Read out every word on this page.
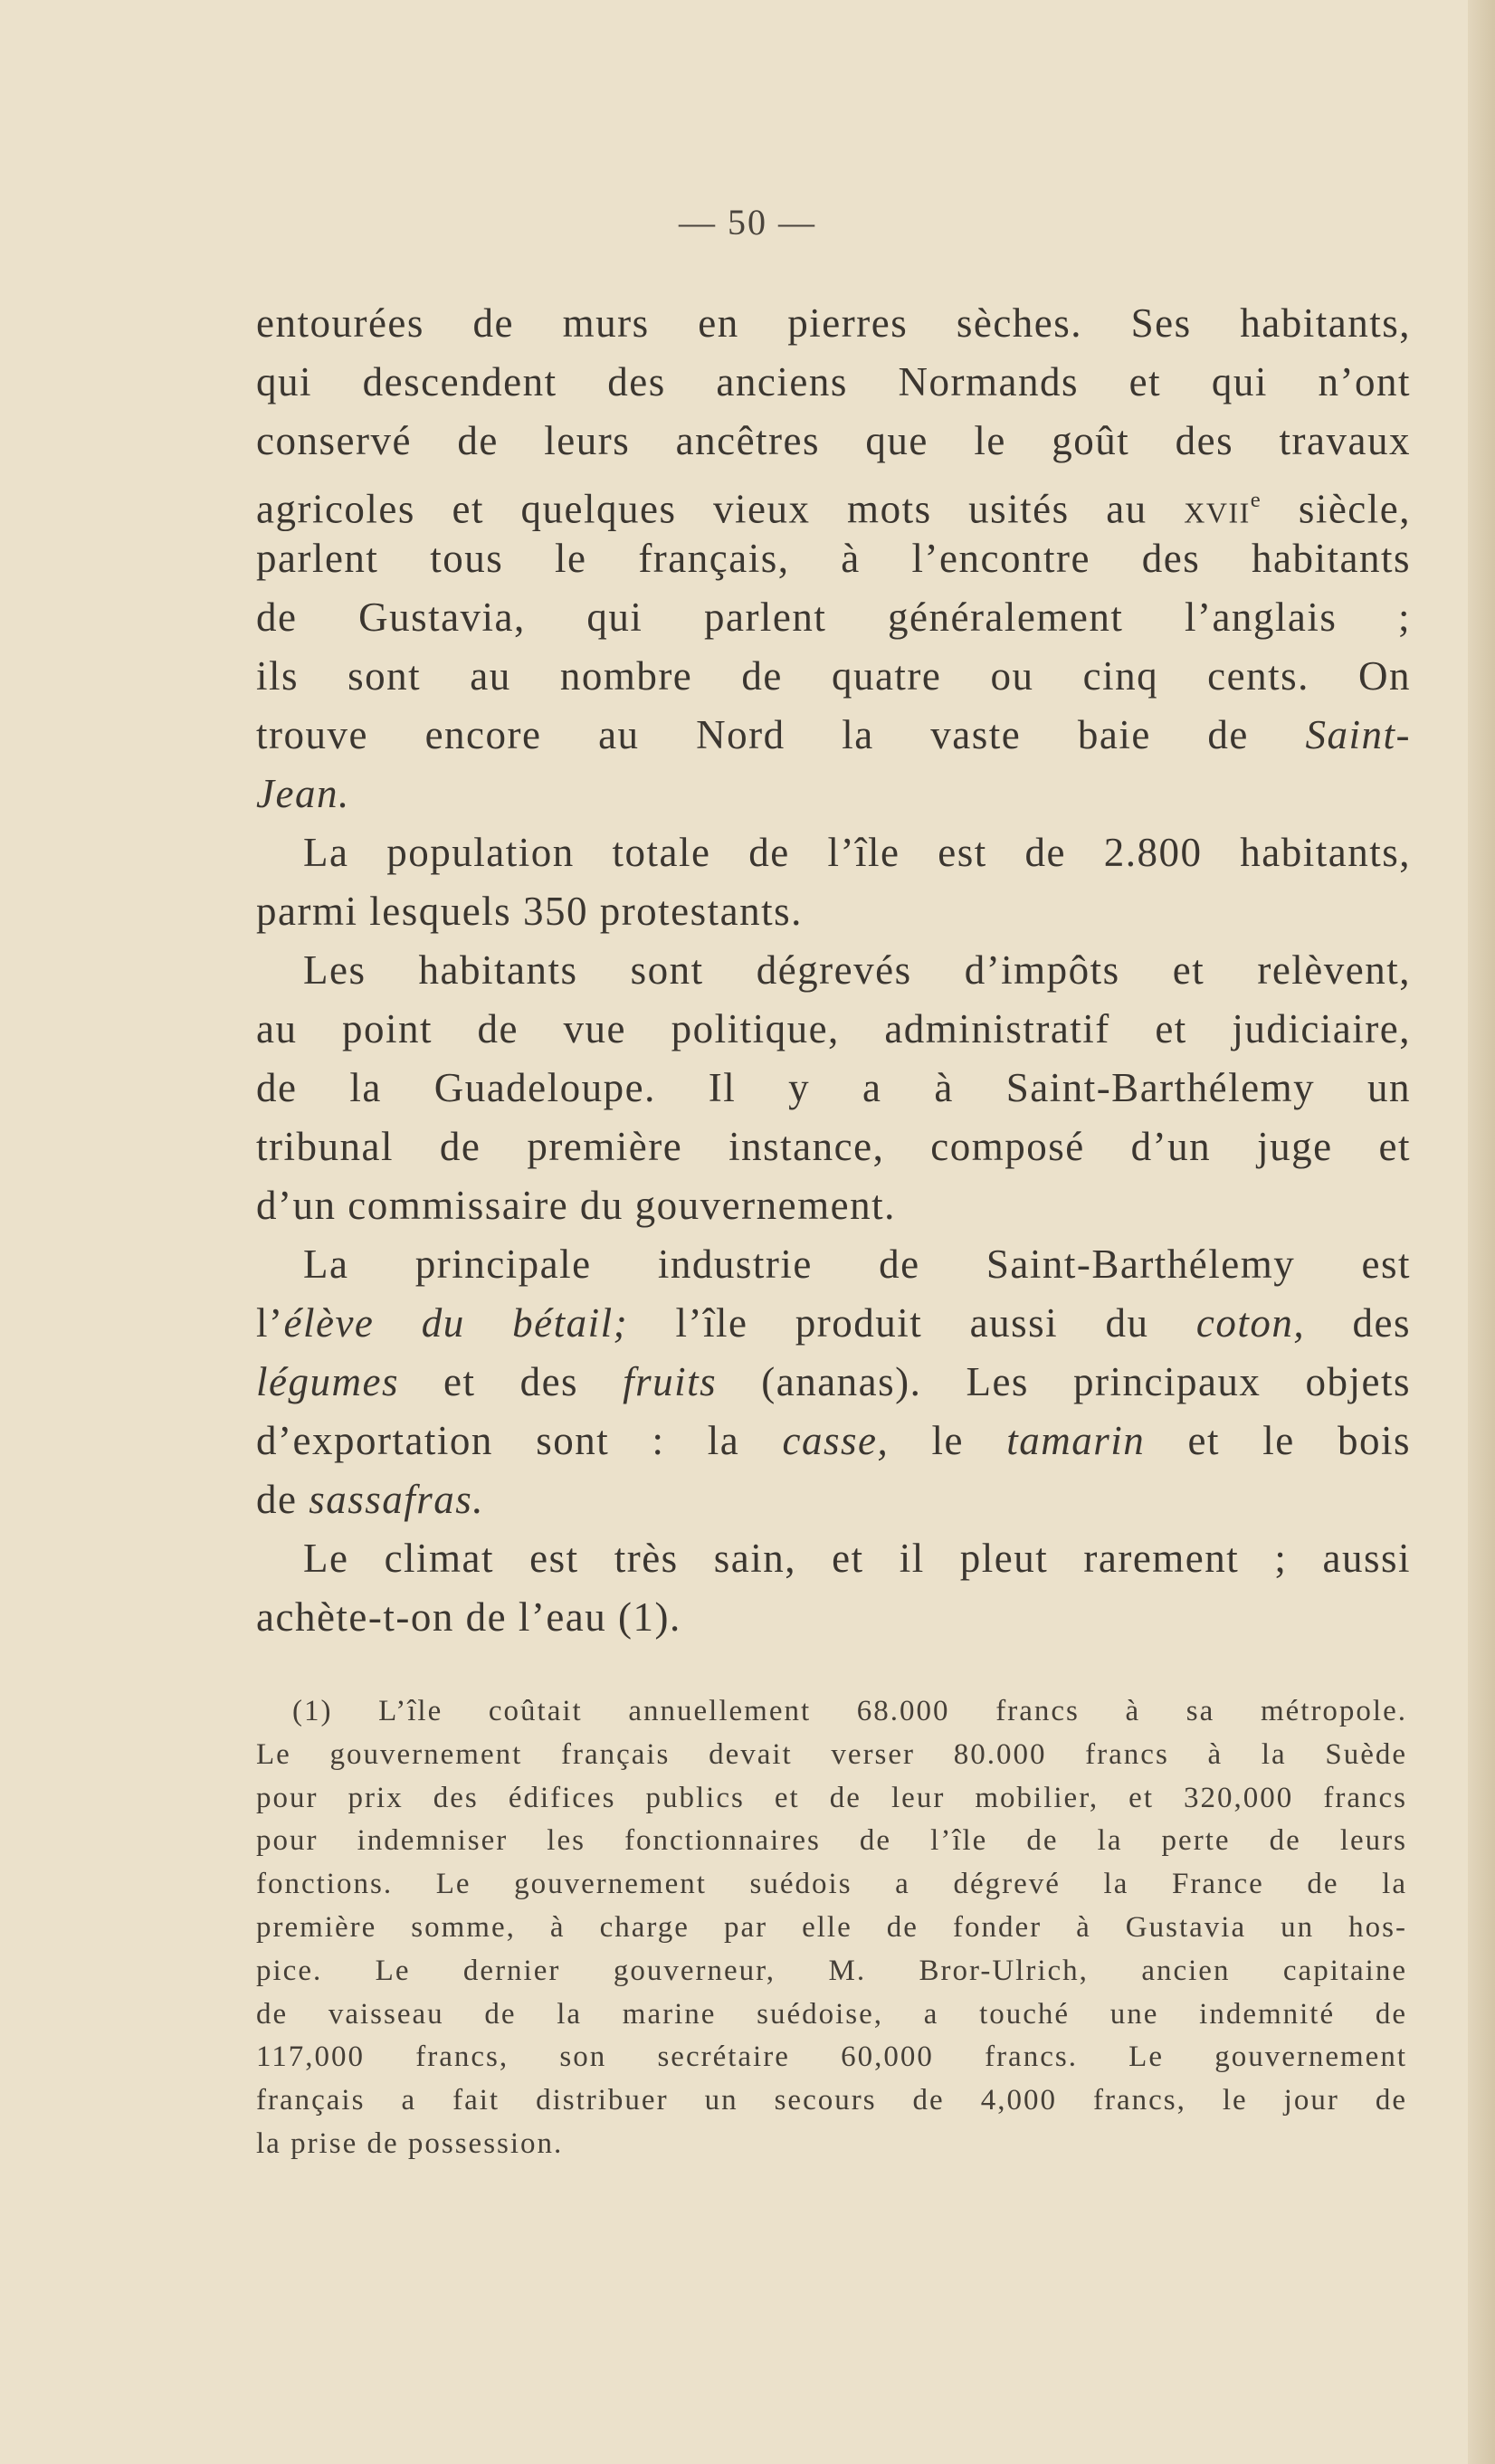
— 50 —
entourées de murs en pierres sèches. Ses habitants,
qui descendent des anciens Normands et qui n’ont
conservé de leurs ancêtres que le goût des travaux
agricoles et quelques vieux mots usités au xvii$^e$ siècle,
parlent tous le français, à l’encontre des habitants
de Gustavia, qui parlent généralement l’anglais ;
ils sont au nombre de quatre ou cinq cents. On
trouve encore au Nord la vaste baie de Saint-
Jean.
La population totale de l’île est de 2.800 habitants,
parmi lesquels 350 protestants.
Les habitants sont dégrevés d’impôts et relèvent,
au point de vue politique, administratif et judiciaire,
de la Guadeloupe. Il y a à Saint-Barthélemy un
tribunal de première instance, composé d’un juge et
d’un commissaire du gouvernement.
La principale industrie de Saint-Barthélemy est
l’élève du bétail; l’île produit aussi du coton, des
légumes et des fruits (ananas). Les principaux objets
d’exportation sont : la casse, le tamarin et le bois
de sassafras.
Le climat est très sain, et il pleut rarement ; aussi
achète-t-on de l’eau (1).
(1) L’île coûtait annuellement 68.000 francs à sa métropole.
Le gouvernement français devait verser 80.000 francs à la Suède
pour prix des édifices publics et de leur mobilier, et 320,000 francs
pour indemniser les fonctionnaires de l’île de la perte de leurs
fonctions. Le gouvernement suédois a dégrevé la France de la
première somme, à charge par elle de fonder à Gustavia un hos-
pice. Le dernier gouverneur, M. Bror-Ulrich, ancien capitaine
de vaisseau de la marine suédoise, a touché une indemnité de
117,000 francs, son secrétaire 60,000 francs. Le gouvernement
français a fait distribuer un secours de 4,000 francs, le jour de
la prise de possession.
